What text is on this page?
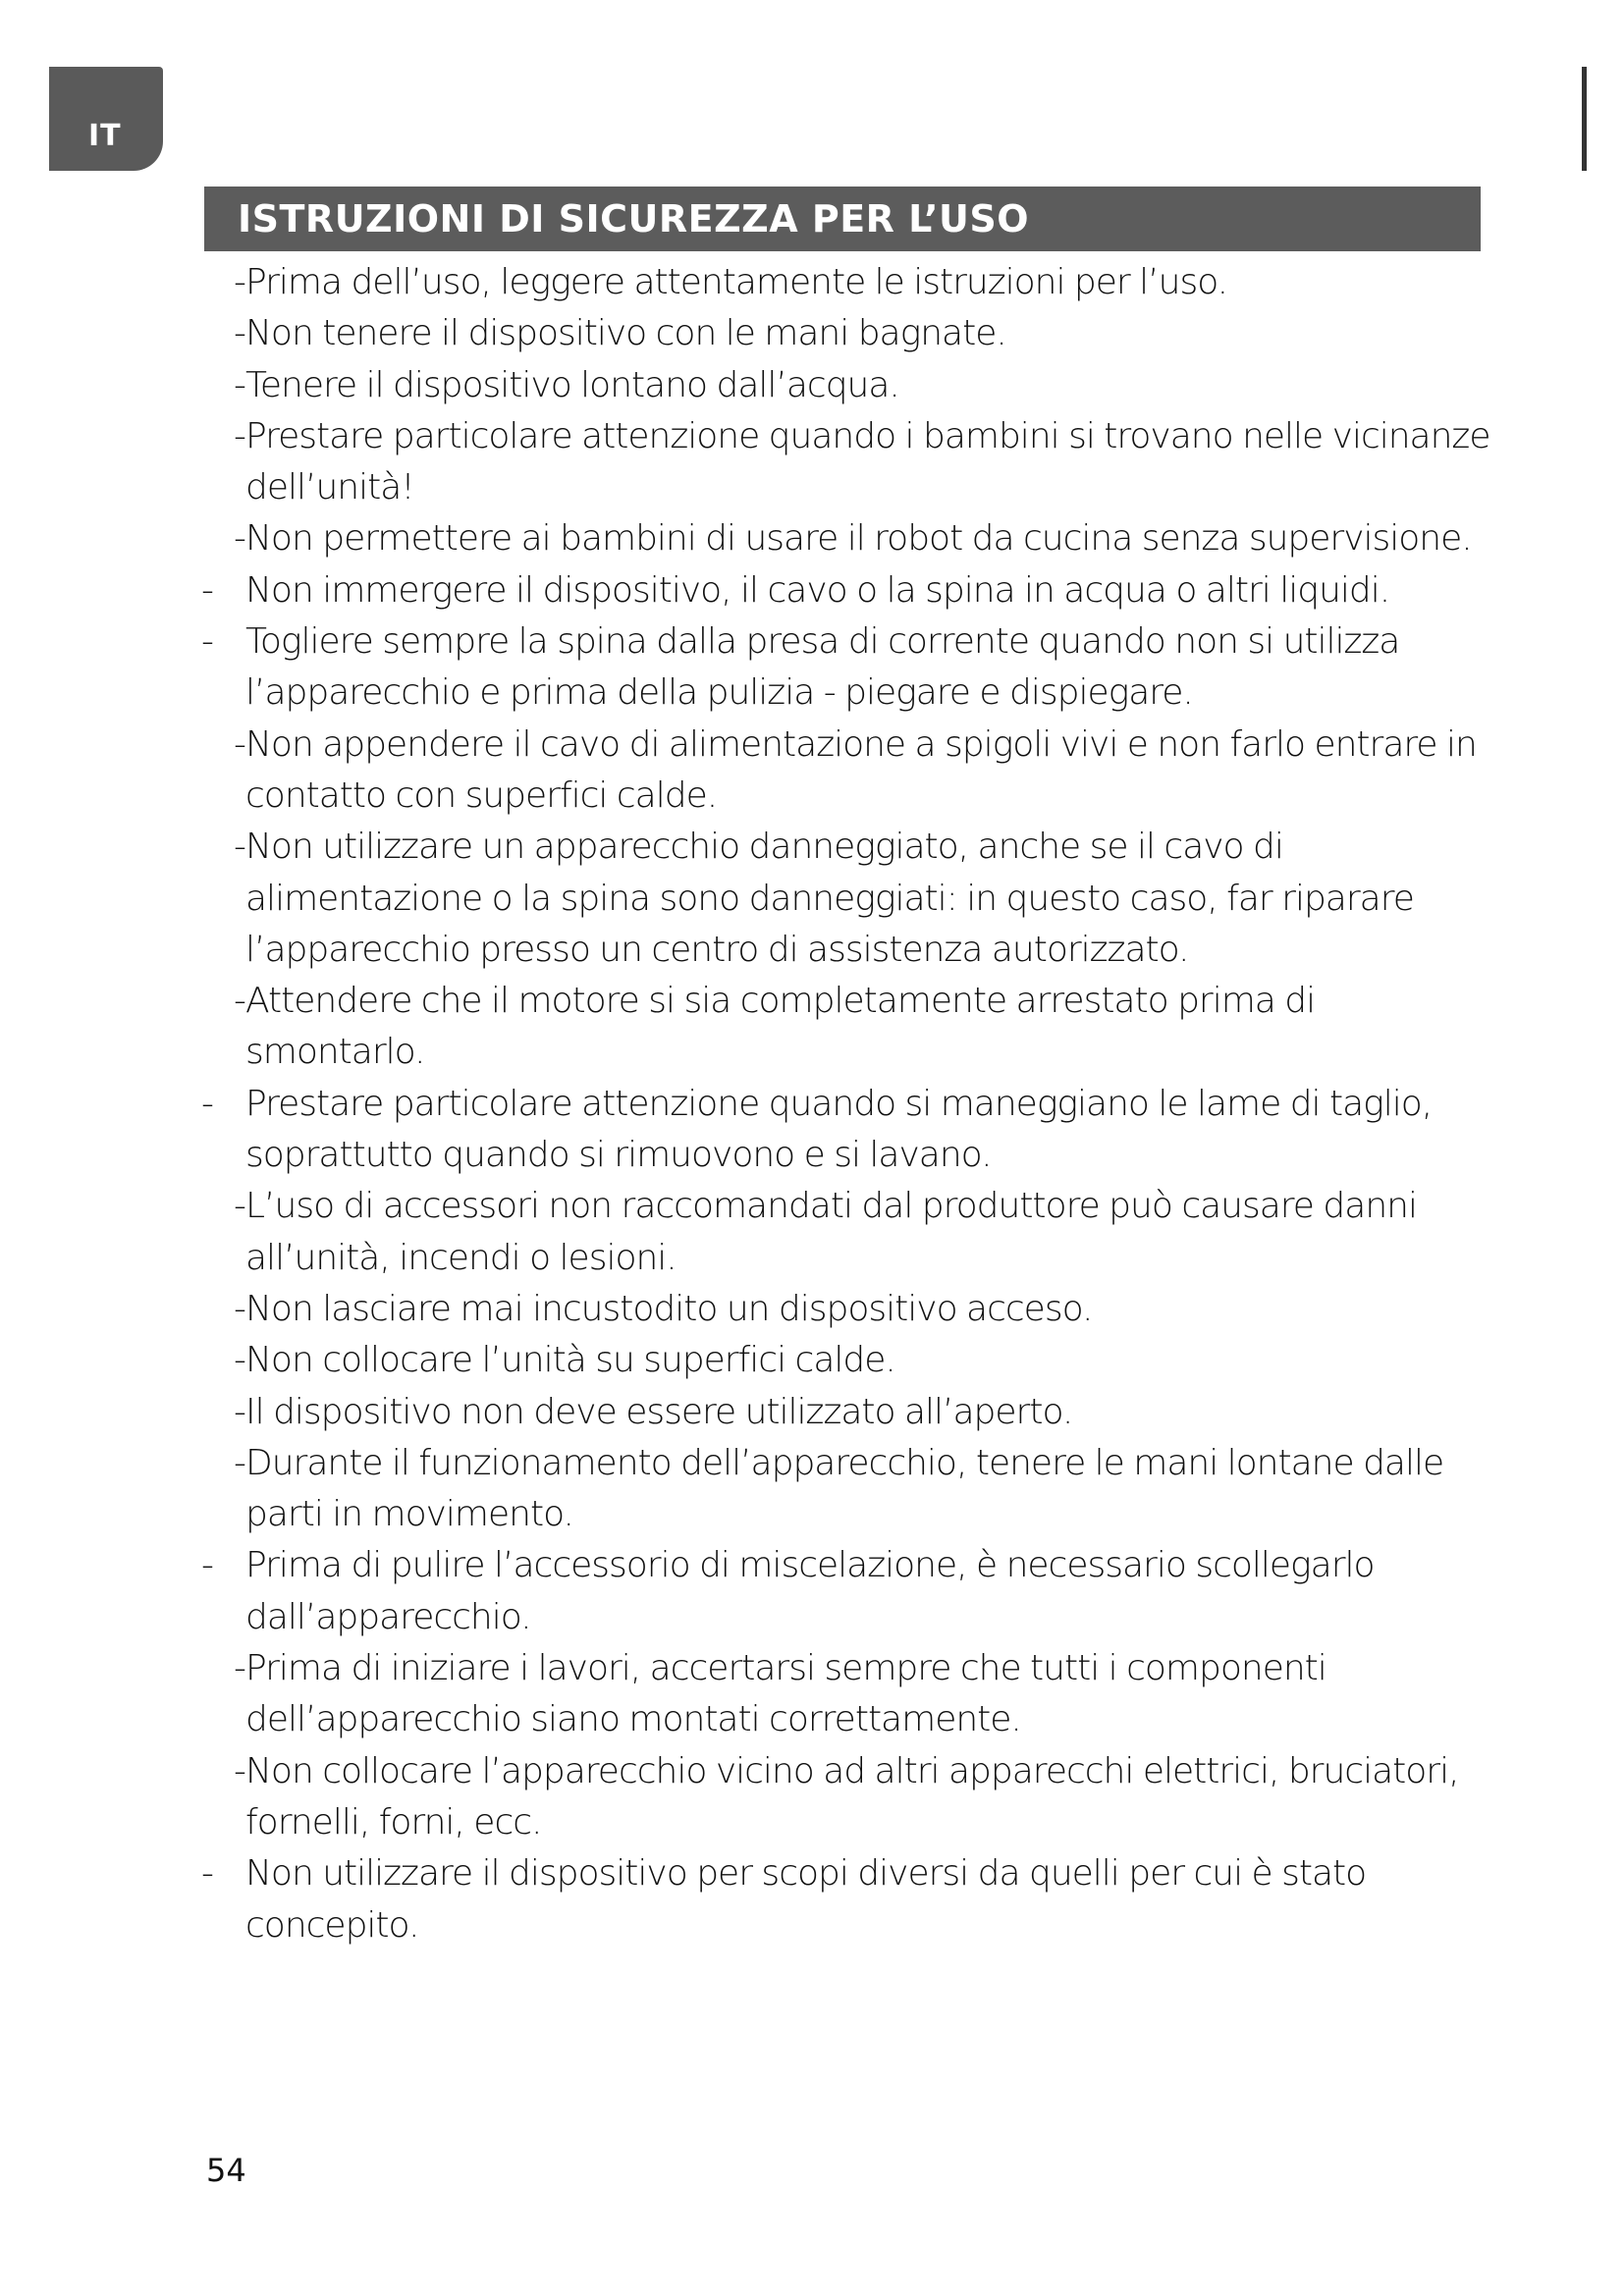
IT
ISTRUZIONI DI SICUREZZA PER L’USO
- Prima dell’uso, leggere attentamente le istruzioni per l’uso.
- Non tenere il dispositivo con le mani bagnate.
- Tenere il dispositivo lontano dall’acqua.
- Prestare particolare attenzione quando i bambini si trovano nelle vicinanze dell’unità!
- Non permettere ai bambini di usare il robot da cucina senza supervisione.
- Non immergere il dispositivo, il cavo o la spina in acqua o altri liquidi.
- Togliere sempre la spina dalla presa di corrente quando non si utilizza l’apparecchio e prima della pulizia - piegare e dispiegare.
- Non appendere il cavo di alimentazione a spigoli vivi e non farlo entrare in contatto con superfici calde.
- Non utilizzare un apparecchio danneggiato, anche se il cavo di alimentazione o la spina sono danneggiati: in questo caso, far riparare l’apparecchio presso un centro di assistenza autorizzato.
- Attendere che il motore si sia completamente arrestato prima di smontarlo.
- Prestare particolare attenzione quando si maneggiano le lame di taglio, soprattutto quando si rimuovono e si lavano.
- L’uso di accessori non raccomandati dal produttore può causare danni all’unità, incendi o lesioni.
- Non lasciare mai incustodito un dispositivo acceso.
- Non collocare l’unità su superfici calde.
- Il dispositivo non deve essere utilizzato all’aperto.
- Durante il funzionamento dell’apparecchio, tenere le mani lontane dalle parti in movimento.
- Prima di pulire l’accessorio di miscelazione, è necessario scollegarlo dall’apparecchio.
- Prima di iniziare i lavori, accertarsi sempre che tutti i componenti dell’apparecchio siano montati correttamente.
- Non collocare l’apparecchio vicino ad altri apparecchi elettrici, bruciatori, fornelli, forni, ecc.
- Non utilizzare il dispositivo per scopi diversi da quelli per cui è stato concepito.
54
